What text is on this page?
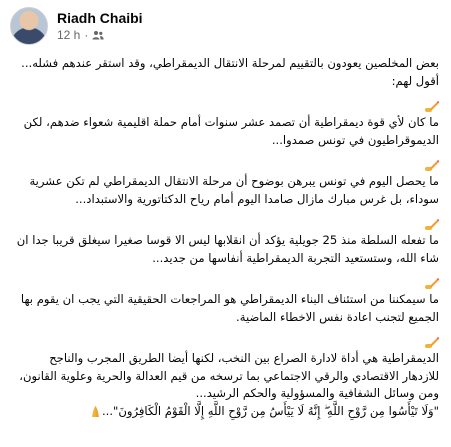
Riadh Chaibi
12 h ·

بعض المخلصين يعودون بالتقييم لمرحلة الانتقال الديمقراطي، وقد استقر عندهم فشله...

أقول لهم:

ما كان لأي قوة ديمقراطية أن تصمد عشر سنوات أمام حملة اقليمية شعواء ضدهم، لكن الديموقراطيون في تونس صمدوا...

ما يحصل اليوم في تونس يبرهن بوضوح أن مرحلة الانتقال الديمقراطي لم تكن عشرية سوداء، بل غرس مبارك مازال صامدا اليوم أمام رياح الدكتاتورية والاستبداد...

ما تفعله السلطة منذ 25 جويلية يؤكد أن انقلابها ليس الا قوسا صغيرا سيغلق قريبا جدا ان شاء الله، وستستعيد التجربة الديمقراطية أنفاسها من جديد...

ما سيمكننا من استئناف البناء الديمقراطي هو المراجعات الحقيقية التي يجب ان يقوم بها الجميع لتجنب اعادة نفس الاخطاء الماضية.

الديمقراطية هي أداة لادارة الصراع بين النخب، لكنها أيضا الطريق المجرب والناجح للازدهار الاقتصادي والرقي الاجتماعي بما ترسخه من قيم العدالة والحرية وعلوية القانون، ومن وسائل الشفافية والمسؤولية والحكم الرشيد...

"وَلَا تَيْأَسُوا مِن رَّوْحِ اللَّهِ ۖ إِنَّهُ لَا يَيْأَسُ مِن رَّوْحِ اللَّهِ إِلَّا الْقَوْمُ الْكَافِرُونَ"...
